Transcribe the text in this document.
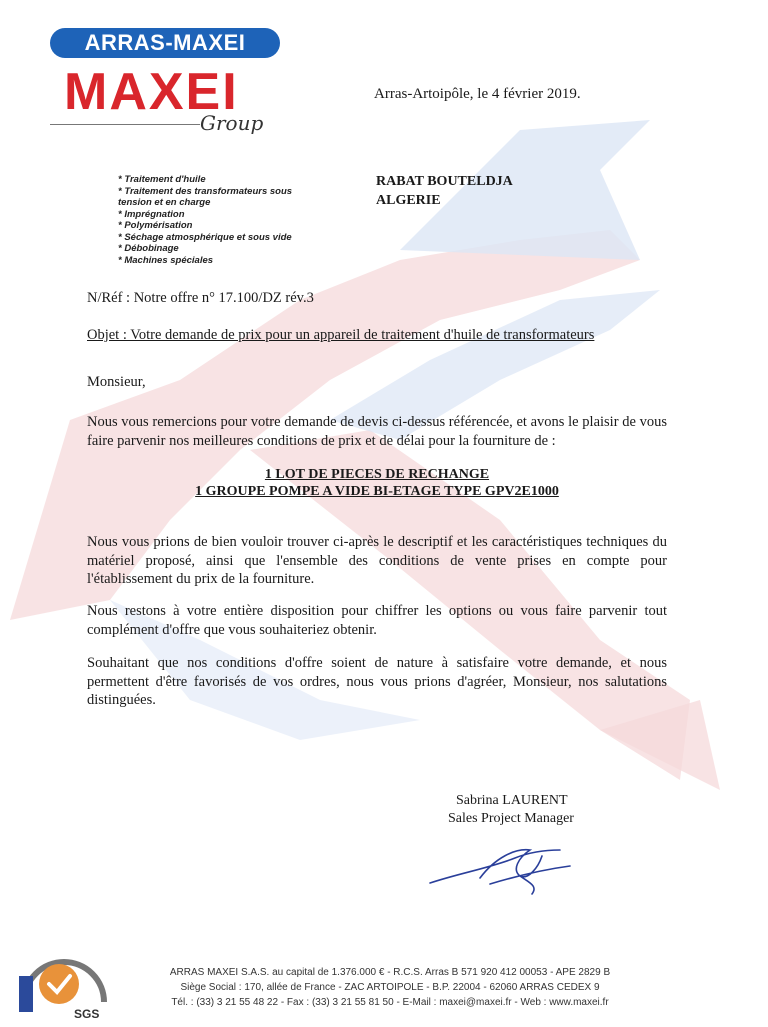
ARRAS-MAXEI
MAXEI
Group
Arras-Artoipôle, le 4 février 2019.
* Traitement d'huile
* Traitement des transformateurs sous
tension et en charge
* Imprégnation
* Polymérisation
* Séchage atmosphérique et sous vide
* Débobinage
* Machines spéciales
RABAT BOUTELDJA
ALGERIE
N/Réf : Notre offre n° 17.100/DZ rév.3
Objet : Votre demande de prix pour un appareil de traitement d'huile de transformateurs
Monsieur,
Nous vous remercions pour votre demande de devis ci-dessus référencée, et avons le plaisir de vous faire parvenir nos meilleures conditions de prix et de délai pour la fourniture de :
1 LOT DE PIECES DE RECHANGE
1 GROUPE POMPE A VIDE BI-ETAGE TYPE GPV2E1000
Nous vous prions de bien vouloir trouver ci-après le descriptif et les caractéristiques techniques du matériel proposé, ainsi que l'ensemble des conditions de vente prises en compte pour l'établissement du prix de la fourniture.
Nous restons à votre entière disposition pour chiffrer les options ou vous faire parvenir tout complément d'offre que vous souhaiteriez obtenir.
Souhaitant que nos conditions d'offre soient de nature à satisfaire votre demande, et nous permettent d'être favorisés de vos ordres, nous vous prions d'agréer, Monsieur, nos salutations distinguées.
Sabrina LAURENT
Sales Project Manager
SGS
ARRAS MAXEI S.A.S. au capital de 1.376.000 € - R.C.S. Arras B 571 920 412 00053 - APE 2829 B
Siège Social : 170, allée de France - ZAC ARTOIPOLE - B.P. 22004 - 62060 ARRAS CEDEX 9
Tél. : (33) 3 21 55 48 22 - Fax : (33) 3 21 55 81 50 - E-Mail : maxei@maxei.fr - Web : www.maxei.fr
